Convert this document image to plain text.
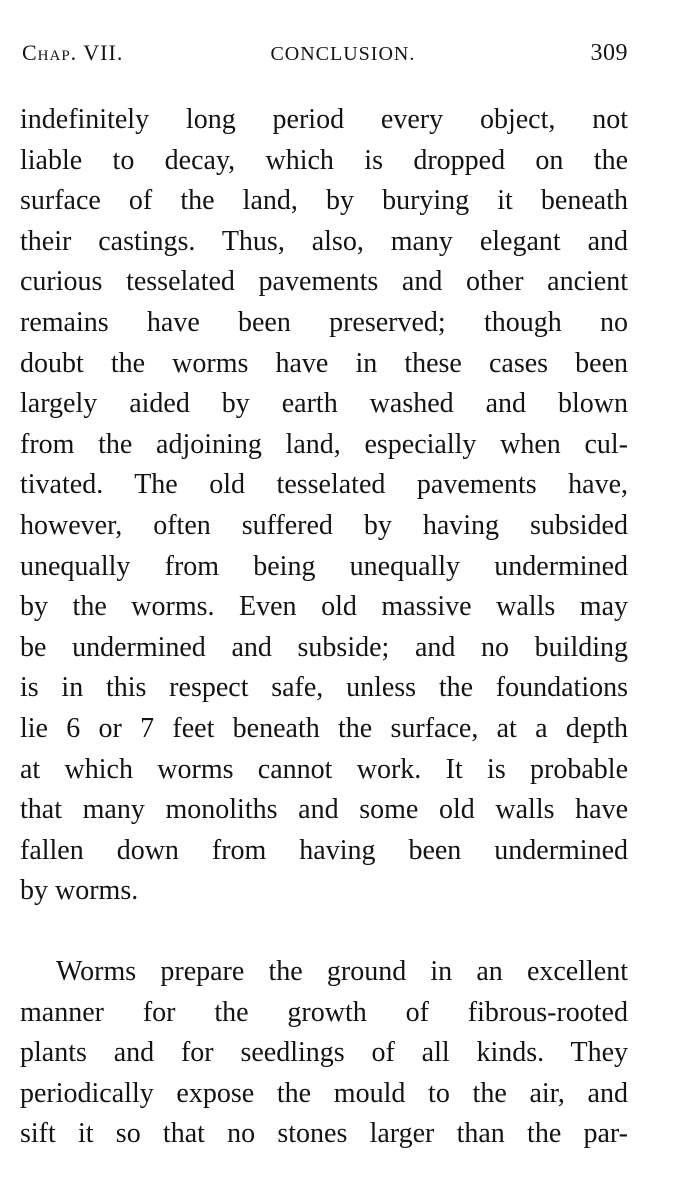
Chap. VII.	CONCLUSION.	309
indefinitely long period every object, not
liable to decay, which is dropped on the
surface of the land, by burying it beneath
their castings. Thus, also, many elegant and
curious tesselated pavements and other ancient
remains have been preserved; though no
doubt the worms have in these cases been
largely aided by earth washed and blown
from the adjoining land, especially when cul-
tivated. The old tesselated pavements have,
however, often suffered by having subsided
unequally from being unequally undermined
by the worms. Even old massive walls may
be undermined and subside; and no building
is in this respect safe, unless the foundations
lie 6 or 7 feet beneath the surface, at a depth
at which worms cannot work. It is probable
that many monoliths and some old walls have
fallen down from having been undermined
by worms.
Worms prepare the ground in an excellent
manner for the growth of fibrous-rooted
plants and for seedlings of all kinds. They
periodically expose the mould to the air, and
sift it so that no stones larger than the par-
